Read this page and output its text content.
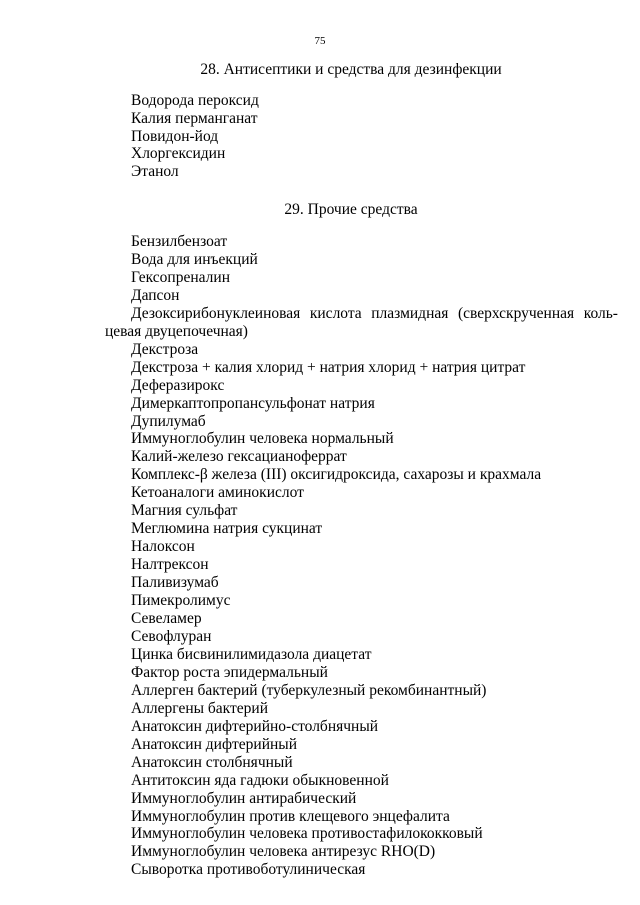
75
28. Антисептики и средства для дезинфекции
Водорода пероксид
Калия перманганат
Повидон-йод
Хлоргексидин
Этанол
29. Прочие средства
Бензилбензоат
Вода для инъекций
Гексопреналин
Дапсон
Дезоксирибонуклеиновая кислота плазмидная (сверхскрученная коль-
цевая двуцепочечная)
Декстроза
Декстроза + калия хлорид + натрия хлорид + натрия цитрат
Деферазирокс
Димеркаптопропансульфонат натрия
Дупилумаб
Иммуноглобулин человека нормальный
Калий-железо гексацианоферрат
Комплекс-β железа (III) оксигидроксида, сахарозы и крахмала
Кетоаналоги аминокислот
Магния сульфат
Меглюмина натрия сукцинат
Налоксон
Налтрексон
Паливизумаб
Пимекролимус
Севеламер
Севофлуран
Цинка бисвинилимидазола диацетат
Фактор роста эпидермальный
Аллерген бактерий (туберкулезный рекомбинантный)
Аллергены бактерий
Анатоксин дифтерийно-столбнячный
Анатоксин дифтерийный
Анатоксин столбнячный
Антитоксин яда гадюки обыкновенной
Иммуноглобулин антирабический
Иммуноглобулин против клещевого энцефалита
Иммуноглобулин человека противостафилококковый
Иммуноглобулин человека антирезус RHO(D)
Сыворотка противоботулиническая
